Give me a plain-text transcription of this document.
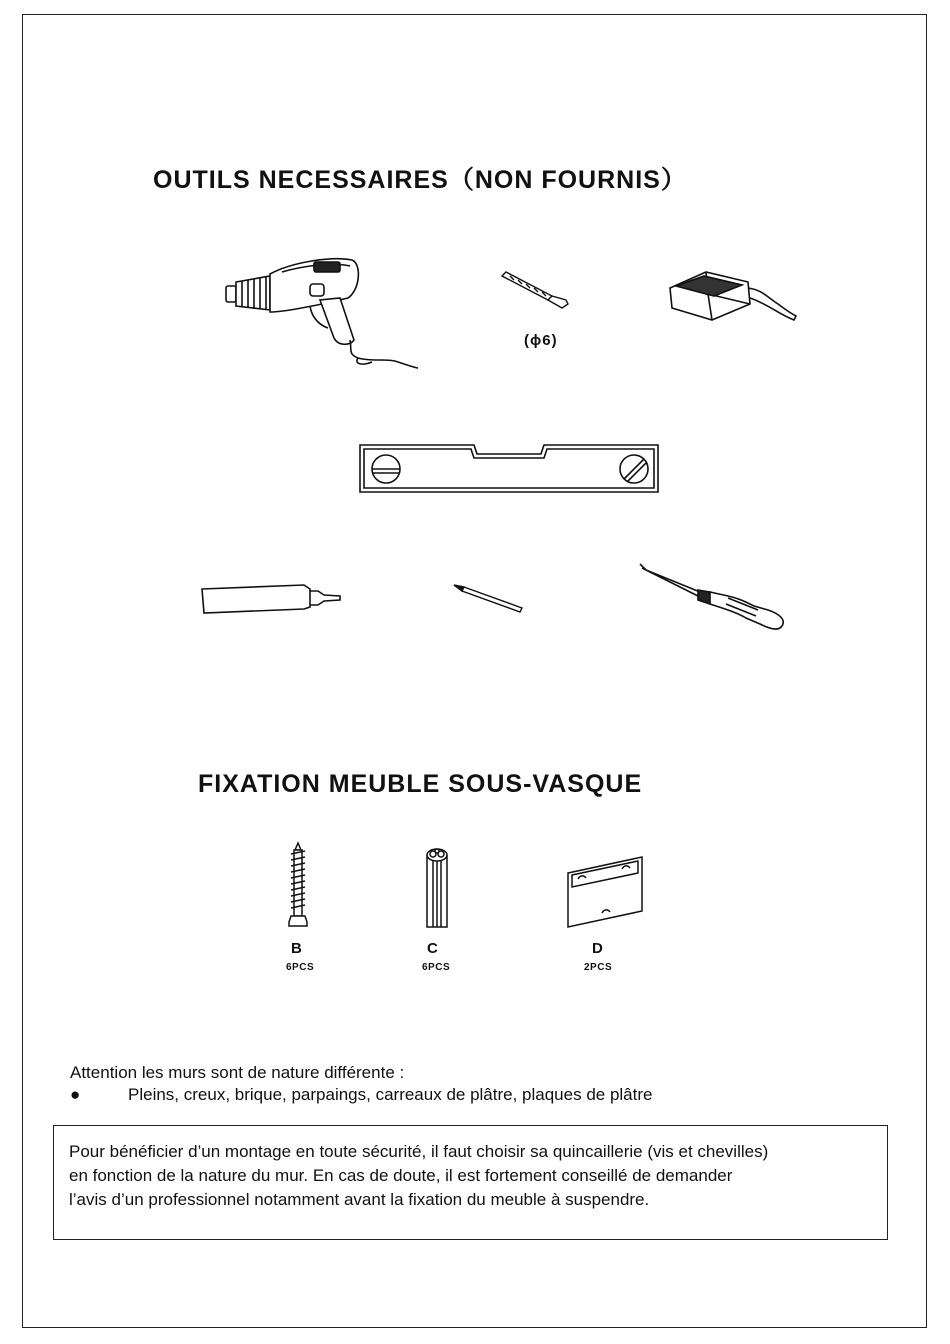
OUTILS NECESSAIRES（NON FOURNIS）
(ϕ6)
FIXATION MEUBLE SOUS-VASQUE
B
6PCS
C
6PCS
D
2PCS
Attention les murs sont de nature différente :
●	Pleins, creux, brique, parpaings, carreaux de plâtre, plaques de plâtre
Pour bénéficier d’un montage en toute sécurité, il faut choisir sa quincaillerie (vis et chevilles)
en fonction de la nature du mur. En cas de doute, il est fortement conseillé de demander
l’avis d’un professionnel notamment avant la fixation du meuble à suspendre.
